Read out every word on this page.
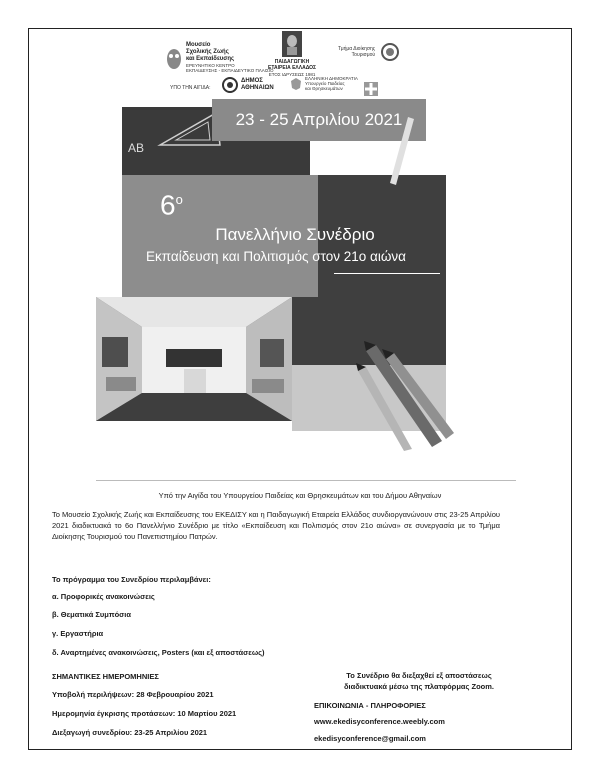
Μουσείο
Σχολικής Ζωής
και Εκπαίδευσης
ΕΡΕΥΝΗΤΙΚΟ ΚΕΝΤΡΟ
ΕΚΠΑΙΔΕΥΣΗΣ - ΕΚΠΑΙΔΕΥΤΙΚΟ ΠΛΑΙΣΙΟ
ΠΑΙΔΑΓΩΓΙΚΗ
ΕΤΑΙΡΕΙΑ ΕΛΛΑΔΟΣ
ΕΤΟΣ ΙΔΡΥΣΕΩΣ 1981
Τμήμα Διοίκησης
Τουρισμού
ΥΠΟ ΤΗΝ ΑΙΓΙΔΑ:
ΔΗΜΟΣ
ΑΘΗΝΑΙΩΝ
ΕΛΛΗΝΙΚΗ ΔΗΜΟΚΡΑΤΙΑ
Υπουργείο Παιδείας
και Θρησκευμάτων
ΑΒ
23 - 25 Απριλίου 2021
$6^o$
Πανελλήνιο Συνέδριο
Εκπαίδευση και Πολιτισμός στον 21ο αιώνα
Υπό την Αιγίδα του Υπουργείου Παιδείας και Θρησκευμάτων και του Δήμου Αθηναίων
Το Μουσείο Σχολικής Ζωής και Εκπαίδευσης του ΕΚΕΔΙΣΥ και η Παιδαγωγική Εταιρεία Ελλάδος συνδιοργανώνουν στις 23-25 Απριλίου 2021 διαδικτυακά το 6ο Πανελλήνιο Συνέδριο με τίτλο «Εκπαίδευση και Πολιτισμός στον 21ο αιώνα» σε συνεργασία με το Τμήμα Διοίκησης Τουρισμού του Πανεπιστημίου Πατρών.
Το πρόγραμμα του Συνεδρίου περιλαμβάνει:
α. Προφορικές ανακοινώσεις
β. Θεματικά Συμπόσια
γ. Εργαστήρια
δ. Αναρτημένες ανακοινώσεις, Posters (και εξ αποστάσεως)
ΣΗΜΑΝΤΙΚΕΣ ΗΜΕΡΟΜΗΝΙΕΣ
Υποβολή περιλήψεων: 28 Φεβρουαρίου 2021
Ημερομηνία έγκρισης προτάσεων: 10 Μαρτίου 2021
Διεξαγωγή συνεδρίου: 23-25 Απριλίου 2021
Το Συνέδριο θα διεξαχθεί εξ αποστάσεως
διαδικτυακά μέσω της πλατφόρμας Zoom.
ΕΠΙΚΟΙΝΩΝΙΑ - ΠΛΗΡΟΦΟΡΙΕΣ
www.ekedisyconference.weebly.com
ekedisyconference@gmail.com
